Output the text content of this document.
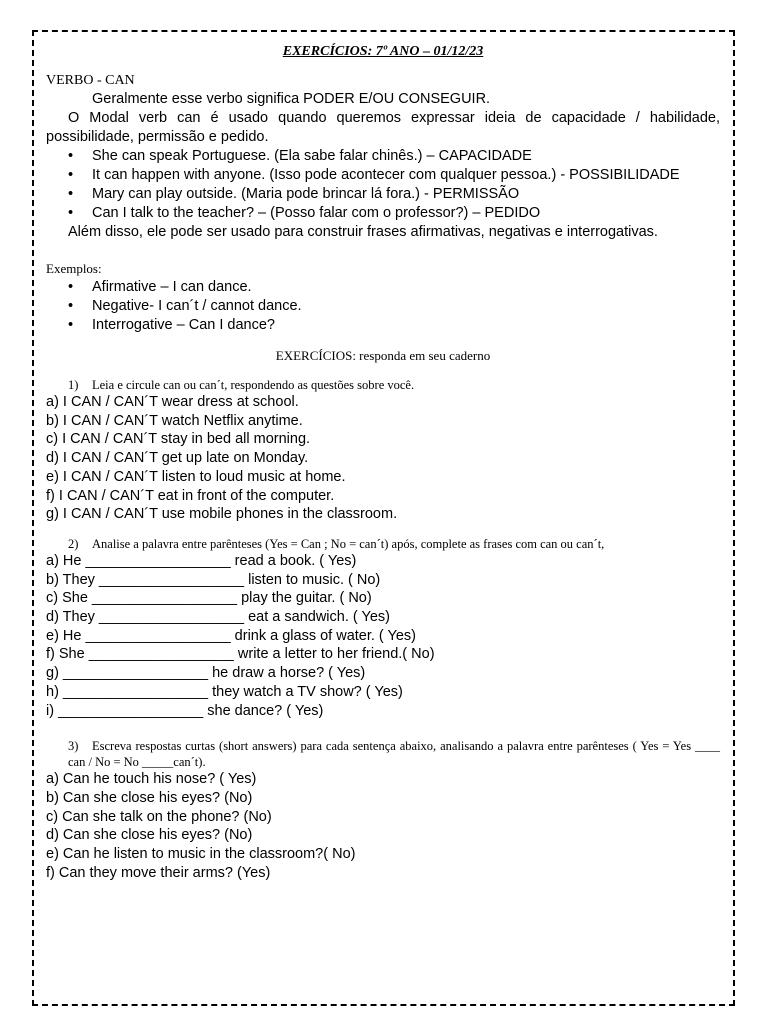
EXERCÍCIOS: 7º ANO – 01/12/23

VERBO - CAN

Geralmente esse verbo significa PODER E/OU CONSEGUIR.

O Modal verb can é usado quando queremos expressar ideia de capacidade / habilidade, possibilidade, permissão e pedido.

• She can speak Portuguese. (Ela sabe falar chinês.) – CAPACIDADE
• It can happen with anyone. (Isso pode acontecer com qualquer pessoa.) - POSSIBILIDADE
• Mary can play outside. (Maria pode brincar lá fora.) - PERMISSÃO
• Can I talk to the teacher? – (Posso falar com o professor?) – PEDIDO

Além disso, ele pode ser usado para construir frases afirmativas, negativas e interrogativas.

Exemplos:

• Afirmative – I can dance.
• Negative- I can´t / cannot dance.
• Interrogative – Can I dance?

EXERCÍCIOS: responda em seu caderno

1) Leia e circule can ou can´t, respondendo as questões sobre você.

a) I CAN / CAN´T wear dress at school.

b) I CAN / CAN´T watch Netflix anytime.

c) I CAN / CAN´T stay in bed all morning.

d) I CAN / CAN´T get up late on Monday.

e) I CAN / CAN´T listen to loud music at home.

f) I CAN / CAN´T eat in front of the computer.

g) I CAN / CAN´T use mobile phones in the classroom.

2) Analise a palavra entre parênteses (Yes = Can ; No = can´t) após, complete as frases com can ou can´t,

a) He __________________ read a book. ( Yes)

b) They __________________ listen to music. ( No)

c) She __________________ play the guitar. ( No)

d) They __________________ eat a sandwich. ( Yes)

e) He __________________ drink a glass of water. ( Yes)

f) She __________________ write a letter to her friend.( No)

g) __________________ he draw a horse? ( Yes)

h) __________________ they watch a TV show? ( Yes)

i) __________________ she dance? ( Yes)

3) Escreva respostas curtas (short answers) para cada sentença abaixo, analisando a palavra entre parênteses ( Yes = Yes ____ can / No = No _____can´t).

a) Can he touch his nose? ( Yes)

b) Can she close his eyes? (No)

c) Can she talk on the phone? (No)

d) Can she close his eyes? (No)

e) Can he listen to music in the classroom?( No)

f) Can they move their arms? (Yes)
